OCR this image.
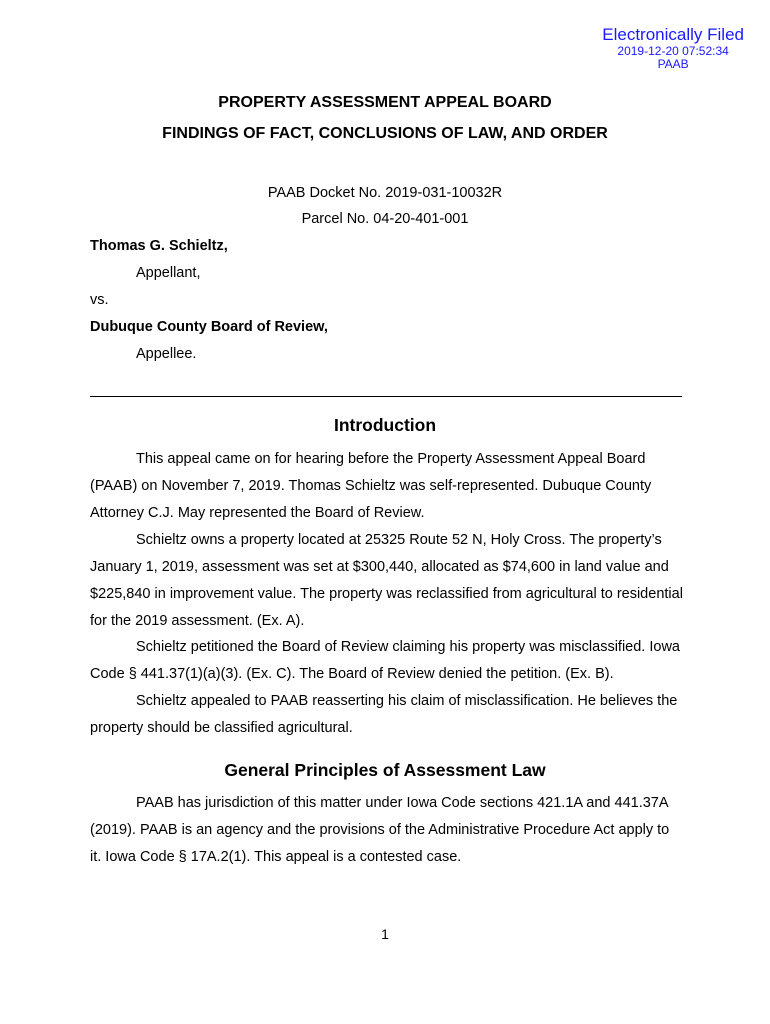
Electronically Filed
2019-12-20 07:52:34
PAAB
PROPERTY ASSESSMENT APPEAL BOARD
FINDINGS OF FACT, CONCLUSIONS OF LAW, AND ORDER
PAAB Docket No. 2019-031-10032R
Parcel No. 04-20-401-001
Thomas G. Schieltz,
Appellant,
vs.
Dubuque County Board of Review,
Appellee.
Introduction

This appeal came on for hearing before the Property Assessment Appeal Board (PAAB) on November 7, 2019. Thomas Schieltz was self-represented. Dubuque County Attorney C.J. May represented the Board of Review.

Schieltz owns a property located at 25325 Route 52 N, Holy Cross. The property’s January 1, 2019, assessment was set at $300,440, allocated as $74,600 in land value and $225,840 in improvement value. The property was reclassified from agricultural to residential for the 2019 assessment. (Ex. A).

Schieltz petitioned the Board of Review claiming his property was misclassified. Iowa Code § 441.37(1)(a)(3). (Ex. C). The Board of Review denied the petition. (Ex. B).

Schieltz appealed to PAAB reasserting his claim of misclassification. He believes the property should be classified agricultural.

General Principles of Assessment Law

PAAB has jurisdiction of this matter under Iowa Code sections 421.1A and 441.37A (2019). PAAB is an agency and the provisions of the Administrative Procedure Act apply to it. Iowa Code § 17A.2(1). This appeal is a contested case.

1
